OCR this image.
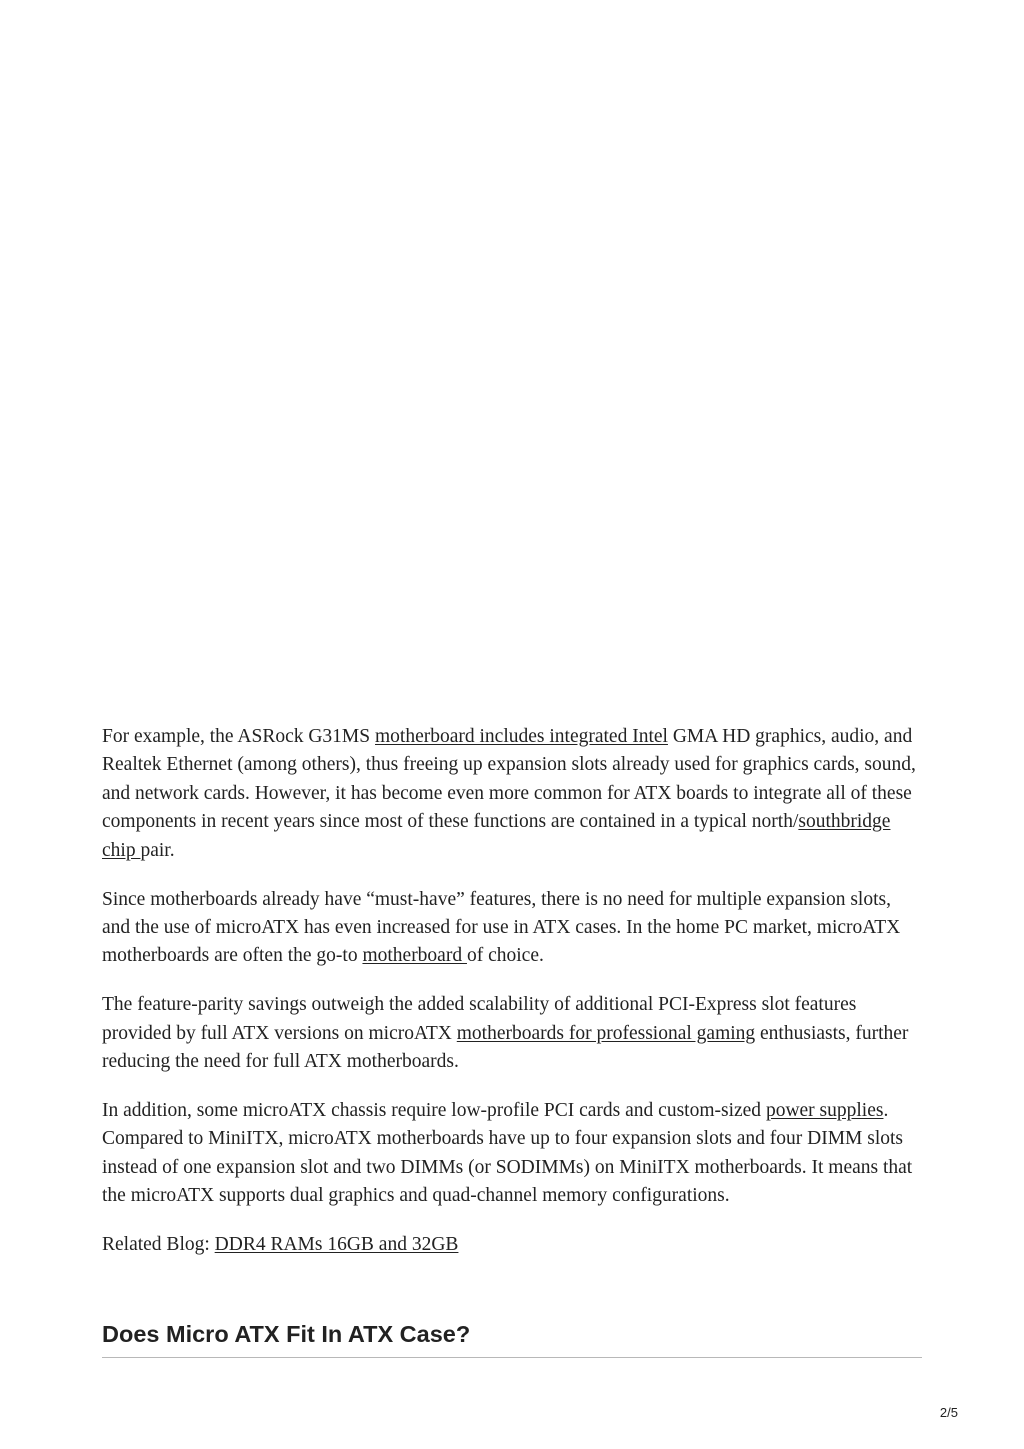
For example, the ASRock G31MS motherboard includes integrated Intel GMA HD graphics, audio, and Realtek Ethernet (among others), thus freeing up expansion slots already used for graphics cards, sound, and network cards. However, it has become even more common for ATX boards to integrate all of these components in recent years since most of these functions are contained in a typical north/southbridge chip pair.

Since motherboards already have “must-have” features, there is no need for multiple expansion slots, and the use of microATX has even increased for use in ATX cases. In the home PC market, microATX motherboards are often the go-to motherboard of choice.

The feature-parity savings outweigh the added scalability of additional PCI-Express slot features provided by full ATX versions on microATX motherboards for professional gaming enthusiasts, further reducing the need for full ATX motherboards.

In addition, some microATX chassis require low-profile PCI cards and custom-sized power supplies. Compared to MiniITX, microATX motherboards have up to four expansion slots and four DIMM slots instead of one expansion slot and two DIMMs (or SODIMMs) on MiniITX motherboards. It means that the microATX supports dual graphics and quad-channel memory configurations.

Related Blog: DDR4 RAMs 16GB and 32GB

Does Micro ATX Fit In ATX Case?
2/5
